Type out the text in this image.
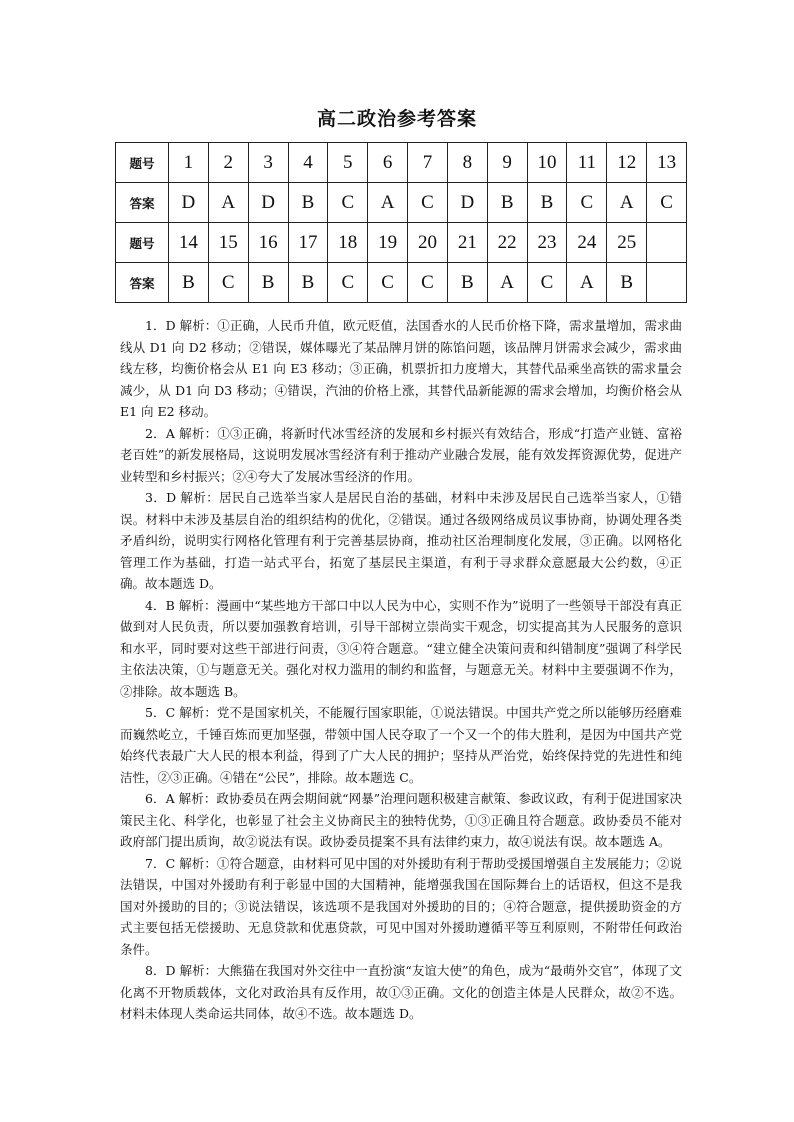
高二政治参考答案
题号	1	2	3	4	5	6	7	8	9	10	11	12	13
答案	D	A	D	B	C	A	C	D	B	B	C	A	C
题号	14	15	16	17	18	19	20	21	22	23	24	25	
答案	B	C	B	B	C	C	C	B	A	C	A	B	

1．D 解析：①正确，人民币升值，欧元贬值，法国香水的人民币价格下降，需求量增加，需求曲线从 D1 向 D2 移动；②错误，媒体曝光了某品牌月饼的陈馅问题，该品牌月饼需求会减少，需求曲线左移，均衡价格会从 E1 向 E3 移动；③正确，机票折扣力度增大，其替代品乘坐高铁的需求量会减少，从 D1 向 D3 移动；④错误，汽油的价格上涨，其替代品新能源的需求会增加，均衡价格会从 E1 向 E2 移动。

2．A 解析：①③正确，将新时代冰雪经济的发展和乡村振兴有效结合，形成“打造产业链、富裕老百姓”的新发展格局，这说明发展冰雪经济有利于推动产业融合发展，能有效发挥资源优势，促进产业转型和乡村振兴；②④夸大了发展冰雪经济的作用。

3．D 解析：居民自己选举当家人是居民自治的基础，材料中未涉及居民自己选举当家人，①错误。材料中未涉及基层自治的组织结构的优化，②错误。通过各级网络成员议事协商，协调处理各类矛盾纠纷，说明实行网格化管理有利于完善基层协商，推动社区治理制度化发展，③正确。以网格化管理工作为基础，打造一站式平台，拓宽了基层民主渠道，有利于寻求群众意愿最大公约数，④正确。故本题选 D。

4．B 解析：漫画中“某些地方干部口中以人民为中心，实则不作为”说明了一些领导干部没有真正做到对人民负责，所以要加强教育培训，引导干部树立崇尚实干观念，切实提高其为人民服务的意识和水平，同时要对这些干部进行问责，③④符合题意。“建立健全决策问责和纠错制度”强调了科学民主依法决策，①与题意无关。强化对权力滥用的制约和监督，与题意无关。材料中主要强调不作为，②排除。故本题选 B。

5．C 解析：党不是国家机关，不能履行国家职能，①说法错误。中国共产党之所以能够历经磨难而巍然屹立，千锤百炼而更加坚强，带领中国人民夺取了一个又一个的伟大胜利，是因为中国共产党始终代表最广大人民的根本利益，得到了广大人民的拥护；坚持从严治党，始终保持党的先进性和纯洁性，②③正确。④错在“公民”，排除。故本题选 C。

6．A 解析：政协委员在两会期间就“网暴”治理问题积极建言献策、参政议政，有利于促进国家决策民主化、科学化，也彰显了社会主义协商民主的独特优势，①③正确且符合题意。政协委员不能对政府部门提出质询，故②说法有误。政协委员提案不具有法律约束力，故④说法有误。故本题选 A。

7．C 解析：①符合题意，由材料可见中国的对外援助有利于帮助受援国增强自主发展能力；②说法错误，中国对外援助有利于彰显中国的大国精神，能增强我国在国际舞台上的话语权，但这不是我国对外援助的目的；③说法错误，该选项不是我国对外援助的目的；④符合题意，提供援助资金的方式主要包括无偿援助、无息贷款和优惠贷款，可见中国对外援助遵循平等互利原则，不附带任何政治条件。

8．D 解析：大熊猫在我国对外交往中一直扮演“友谊大使”的角色，成为“最萌外交官”，体现了文化离不开物质载体，文化对政治具有反作用，故①③正确。文化的创造主体是人民群众，故②不选。材料未体现人类命运共同体，故④不选。故本题选 D。
